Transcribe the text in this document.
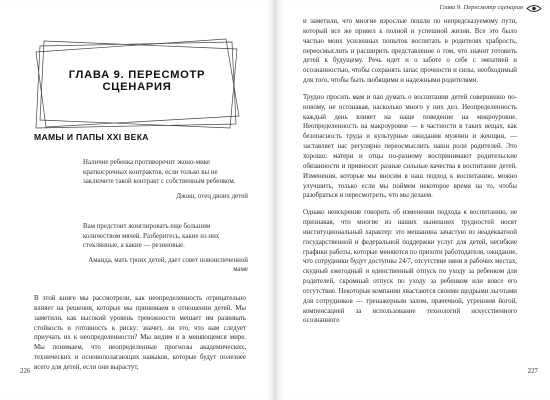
ГЛАВА 9. ПЕРЕСМОТР СЦЕНАРИЯ
МАМЫ И ПАПЫ XXI ВЕКА
Наличие ребенка противоречит эконо-мике краткосрочных контрактов, если только вы не заключите такой контракт с собственным ребенком.
Джош, отец двоих детей
Вам предстоит жонглировать еще большим количеством мячей. Разберитесь, какие из них стеклянные, а какие — резиновые.
Аманда, мать троих детей, дает совет новоиспеченной маме
В этой книге мы рассмотрели, как неопределенность отрицательно влияет на решения, которые мы принимаем в отношении детей. Мы заметили, как высокий уровень тревожности мешает им развивать стойкость и готовность к риску: значит, ли это, что нам следует приучать их к неопределенности? Мы видим и в меняющемся мире. Мы понимаем, что неопределенные прогнозы академических, технических и основополагающих навыков, которые будут полезнее всего для детей, если они вырастут,
226
Глава 9. Пересмотр сценария
и заметили, что многие взрослые пошли по непредсказуемому пути, который все же привел к полной и успешной жизни. Все это было частью моих усиленных попыток воспитать в родителях храбрость, переосмыслить и расширить представление о том, что значит готовить детей к будущему. Речь идет и о заботе о себе с эмпатией и осознанностью, чтобы сохранять запас прочности и силы, необходимый для того, чтобы быть любящими и надежными родителями.
Трудно просить мам и пап думать о воспитании детей совершенно по-новому, не осознавая, насколько много у них дел. Неопределенность каждый день влияет на наше поведение на микроуровне. Неопределенность на макроуровне — в частности в таких вещах, как безопасность труда и культурные ожидания мужчин и женщин, — заставляет нас регулярно переосмыслить наши роли родителей. Это хорошо: матери и отцы по-разному воспринимают родительские обязанности и привносят разные сильные качества в воспитание детей. Изменения, которые мы вносим в наш подход к воспитанию, можно улучшить, только если мы поймем некоторое время на то, чтобы разобраться и пересмотреть, что мы делаем.
Однако неискренне говорить об изменении подхода к воспитанию, не признавая, что многие из наших нынешних трудностей носят институциональный характер: это мешанина зачастую из неадекватной государственной и федеральной поддержки услуг для детей, негибкие графики работы, которые меняются по прихоти работодателя, ожидание, что сотрудники будут доступны 24/7, отсутствие няни в рабочих местах, скудный ежегодный и единственный отпуск по уходу за ребенком для родителей, скромный отпуск по уходу за ребенком или вовсе его отсутствие. Некоторые компании хвастаются своими щедрыми льготами для сотрудников — тренажерным залом, прачечной, утренним йогой, компенсацией за использование технологий искусственного осознанного
227
